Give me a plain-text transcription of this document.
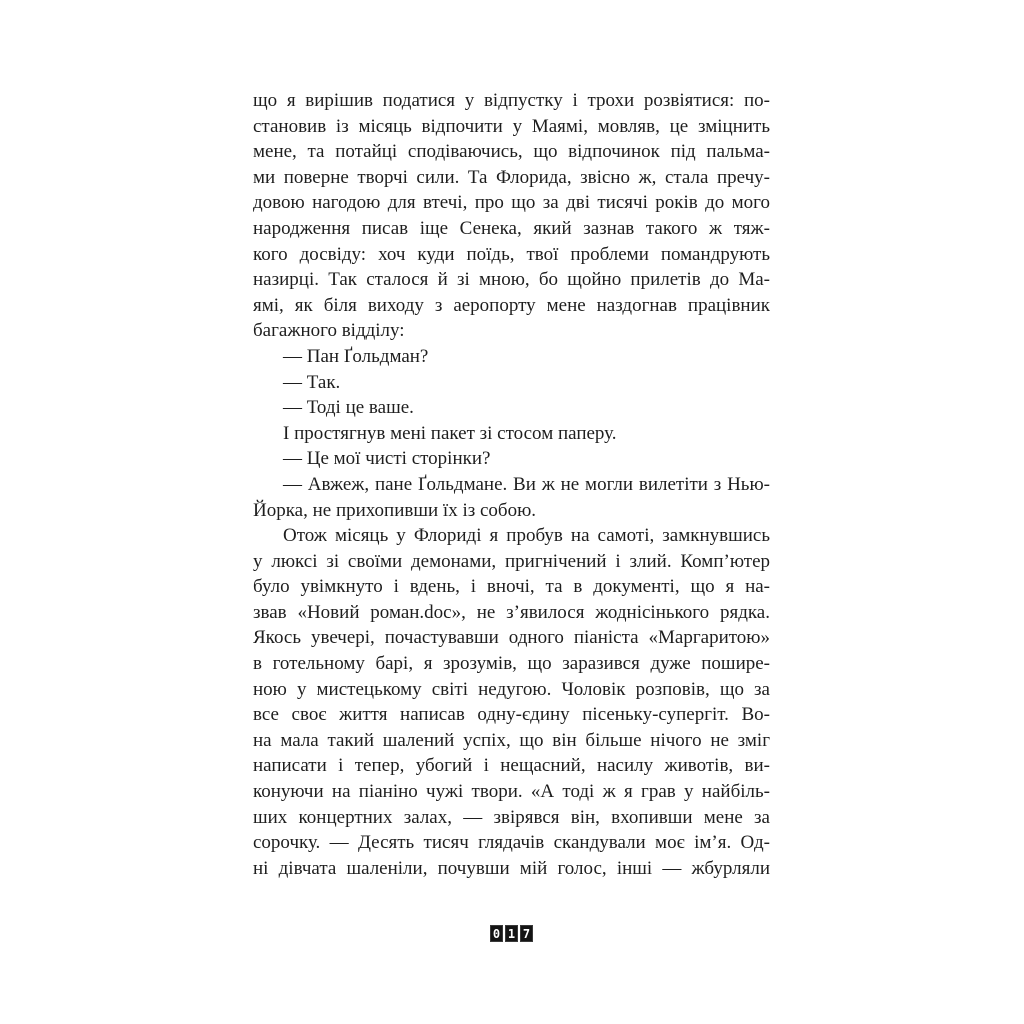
що я вирішив податися у відпустку і трохи розвіятися: по-
становив із місяць відпочити у Маямі, мовляв, це зміцнить
мене, та потайці сподіваючись, що відпочинок під пальма-
ми поверне творчі сили. Та Флорида, звісно ж, стала пречу-
довою нагодою для втечі, про що за дві тисячі років до мого
народження писав іще Сенека, який зазнав такого ж тяж-
кого досвіду: хоч куди поїдь, твої проблеми помандрують
назирці. Так сталося й зі мною, бо щойно прилетів до Ма-
ямі, як біля виходу з аеропорту мене наздогнав працівник
багажного відділу:
— Пан Ґольдман?
— Так.
— Тоді це ваше.
І простягнув мені пакет зі стосом паперу.
— Це мої чисті сторінки?
— Авжеж, пане Ґольдмане. Ви ж не могли вилетіти з Нью-
Йорка, не прихопивши їх із собою.
Отож місяць у Флориді я пробув на самоті, замкнувшись
у люксі зі своїми демонами, пригнічений і злий. Комп’ютер
було увімкнуто і вдень, і вночі, та в документі, що я на-
звав «Новий роман.doc», не з’явилося жоднісінького рядка.
Якось увечері, почастувавши одного піаніста «Маргаритою»
в готельному барі, я зрозумів, що заразився дуже пошире-
ною у мистецькому світі недугою. Чоловік розповів, що за
все своє життя написав одну-єдину пісеньку-супергіт. Во-
на мала такий шалений успіх, що він більше нічого не зміг
написати і тепер, убогий і нещасний, насилу животів, ви-
конуючи на піаніно чужі твори. «А тоді ж я грав у найбіль-
ших концертних залах, — звірявся він, вхопивши мене за
сорочку. — Десять тисяч глядачів скандували моє ім’я. Од-
ні дівчата шаленіли, почувши мій голос, інші — жбурляли
0 1 7
